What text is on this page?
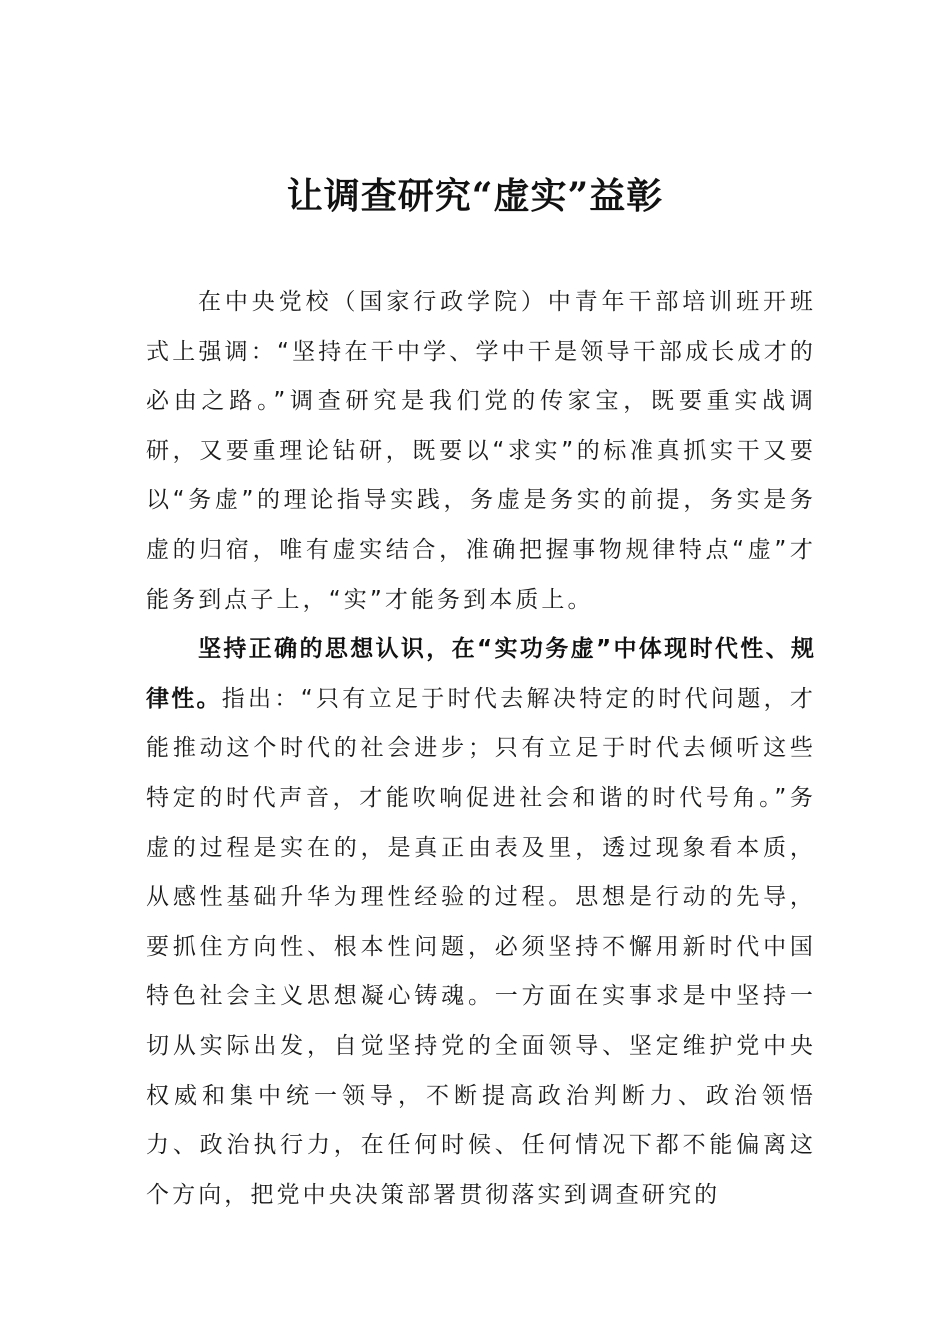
让调查研究“虚实”益彰

在中央党校（国家行政学院）中青年干部培训班开班式上强调：“坚持在干中学、学中干是领导干部成长成才的必由之路。”调查研究是我们党的传家宝，既要重实战调研，又要重理论钻研，既要以“求实”的标准真抓实干又要以“务虚”的理论指导实践，务虚是务实的前提，务实是务虚的归宿，唯有虚实结合，准确把握事物规律特点“虚”才能务到点子上，“实”才能务到本质上。

坚持正确的思想认识，在“实功务虚”中体现时代性、规律性。指出：“只有立足于时代去解决特定的时代问题，才能推动这个时代的社会进步；只有立足于时代去倾听这些特定的时代声音，才能吹响促进社会和谐的时代号角。”务虚的过程是实在的，是真正由表及里，透过现象看本质，从感性基础升华为理性经验的过程。思想是行动的先导，要抓住方向性、根本性问题，必须坚持不懈用新时代中国特色社会主义思想凝心铸魂。一方面在实事求是中坚持一切从实际出发，自觉坚持党的全面领导、坚定维护党中央权威和集中统一领导，不断提高政治判断力、政治领悟力、政治执行力，在任何时候、任何情况下都不能偏离这个方向，把党中央决策部署贯彻落实到调查研究的
